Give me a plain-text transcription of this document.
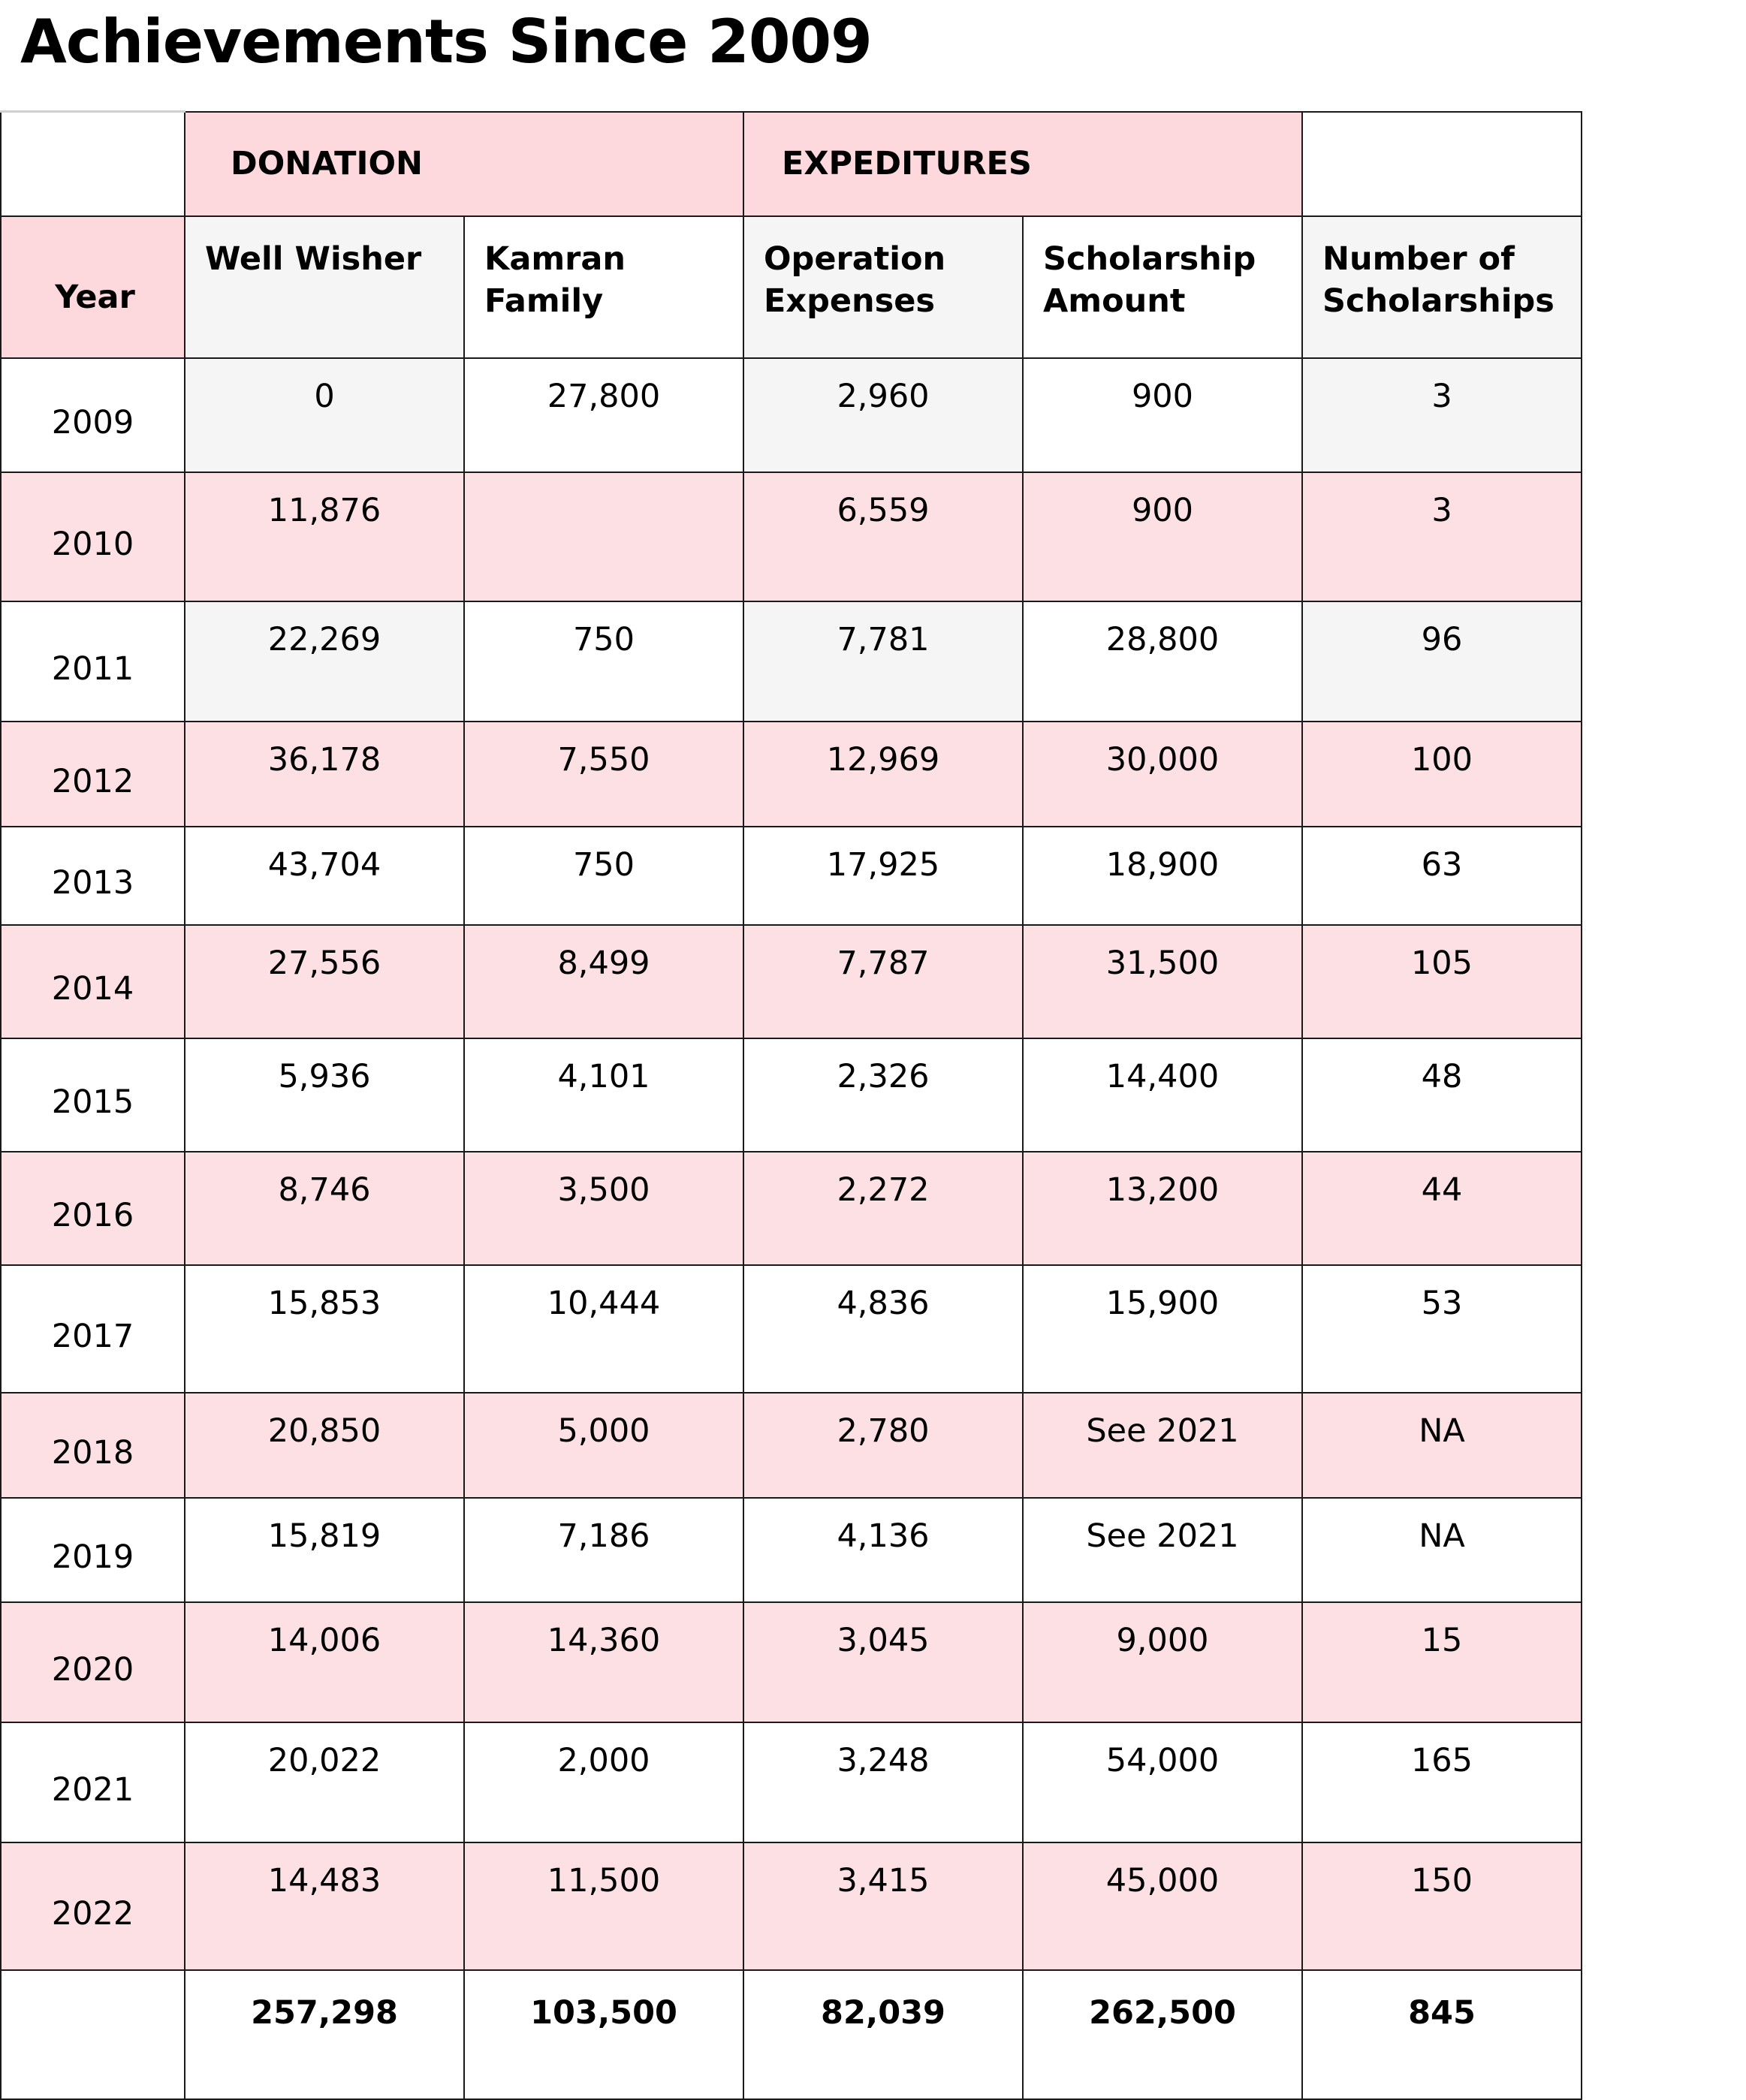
Achievements Since 2009
	DONATION		EXPEDITURES		
Year	Well Wisher	Kamran Family	Operation Expenses	Scholarship Amount	Number of Scholarships
2009	0	27,800	2,960	900	3
2010	11,876		6,559	900	3
2011	22,269	750	7,781	28,800	96
2012	36,178	7,550	12,969	30,000	100
2013	43,704	750	17,925	18,900	63
2014	27,556	8,499	7,787	31,500	105
2015	5,936	4,101	2,326	14,400	48
2016	8,746	3,500	2,272	13,200	44
2017	15,853	10,444	4,836	15,900	53
2018	20,850	5,000	2,780	See 2021	NA
2019	15,819	7,186	4,136	See 2021	NA
2020	14,006	14,360	3,045	9,000	15
2021	20,022	2,000	3,248	54,000	165
2022	14,483	11,500	3,415	45,000	150
	257,298	103,500	82,039	262,500	845
